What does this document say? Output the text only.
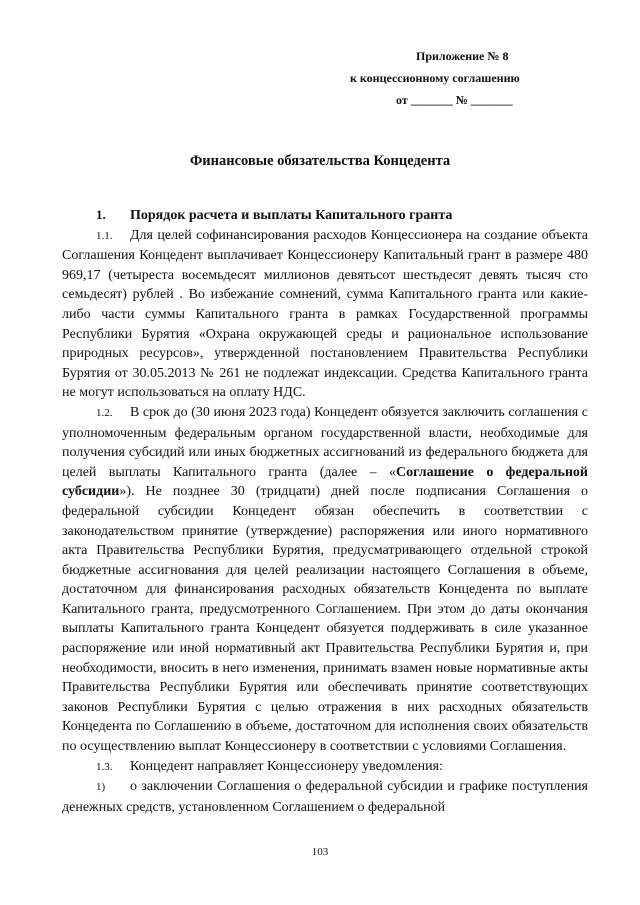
Приложение № 8
к концессионному соглашению
от _______ № _______
Финансовые обязательства Концедента

1. Порядок расчета и выплаты Капитального гранта

1.1. Для целей софинансирования расходов Концессионера на создание объекта Соглашения Концедент выплачивает Концессионеру Капитальный грант в размере 480 969,17 (четыреста восемьдесят миллионов девятьсот шестьдесят девять тысяч сто семьдесят) рублей . Во избежание сомнений, сумма Капитального гранта или какие-либо части суммы Капитального гранта в рамках Государственной программы Республики Бурятия «Охрана окружающей среды и рациональное использование природных ресурсов», утвержденной постановлением Правительства Республики Бурятия от 30.05.2013 № 261 не подлежат индексации. Средства Капитального гранта не могут использоваться на оплату НДС.

1.2. В срок до (30 июня 2023 года) Концедент обязуется заключить соглашения с уполномоченным федеральным органом государственной власти, необходимые для получения субсидий или иных бюджетных ассигнований из федерального бюджета для целей выплаты Капитального гранта (далее – «Соглашение о федеральной субсидии»). Не позднее 30 (тридцати) дней после подписания Соглашения о федеральной субсидии Концедент обязан обеспечить в соответствии с законодательством принятие (утверждение) распоряжения или иного нормативного акта Правительства Республики Бурятия, предусматривающего отдельной строкой бюджетные ассигнования для целей реализации настоящего Соглашения в объеме, достаточном для финансирования расходных обязательств Концедента по выплате Капитального гранта, предусмотренного Соглашением. При этом до даты окончания выплаты Капитального гранта Концедент обязуется поддерживать в силе указанное распоряжение или иной нормативный акт Правительства Республики Бурятия и, при необходимости, вносить в него изменения, принимать взамен новые нормативные акты Правительства Республики Бурятия или обеспечивать принятие соответствующих законов Республики Бурятия с целью отражения в них расходных обязательств Концедента по Соглашению в объеме, достаточном для исполнения своих обязательств по осуществлению выплат Концессионеру в соответствии с условиями Соглашения.

1.3. Концедент направляет Концессионеру уведомления:

1) о заключении Соглашения о федеральной субсидии и графике поступления денежных средств, установленном Соглашением о федеральной

103
